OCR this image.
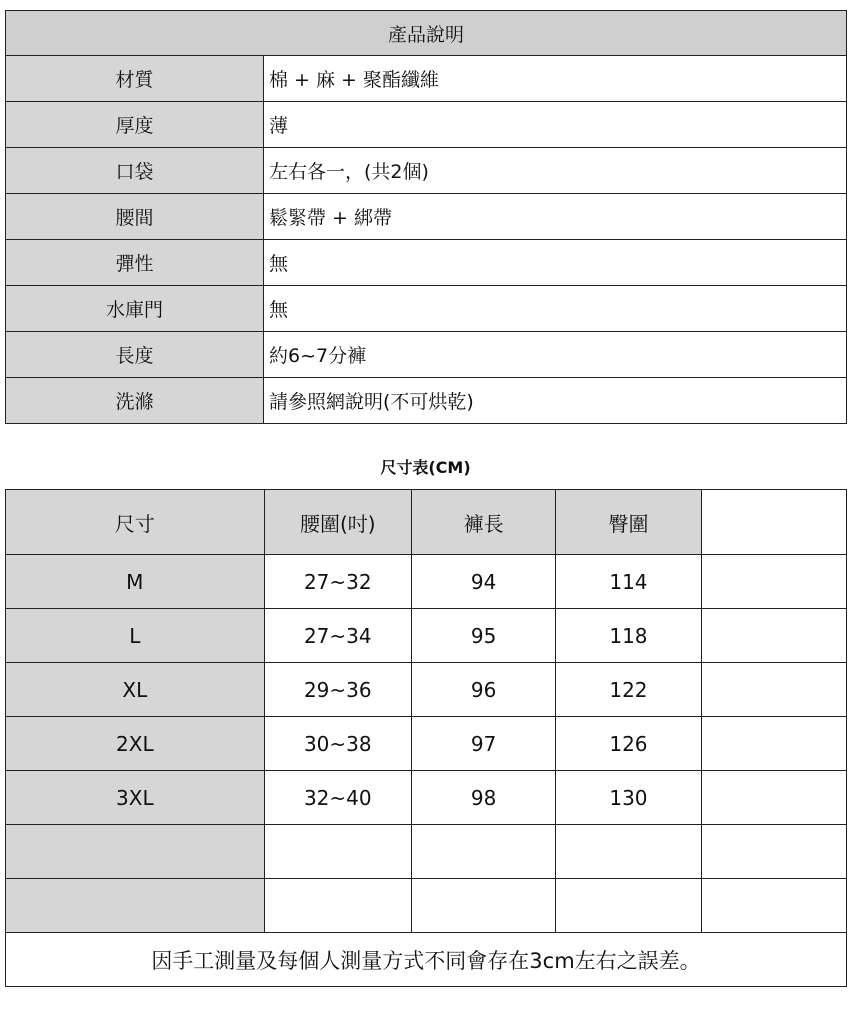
產品說明	
材質	棉 + 麻 + 聚酯纖維
厚度	薄
口袋	左右各一，(共2個)
腰間	鬆緊帶 + 綁帶
彈性	無
水庫門	無
長度	約6~7分褲
洗滌	請參照網說明(不可烘乾)
尺寸表(CM)
尺寸	腰圍(吋)	褲長	臀圍	
M	27~32	94	114	
L	27~34	95	118	
XL	29~36	96	122	
2XL	30~38	97	126	
3XL	32~40	98	130	

因手工測量及每個人測量方式不同會存在3cm左右之誤差。				
